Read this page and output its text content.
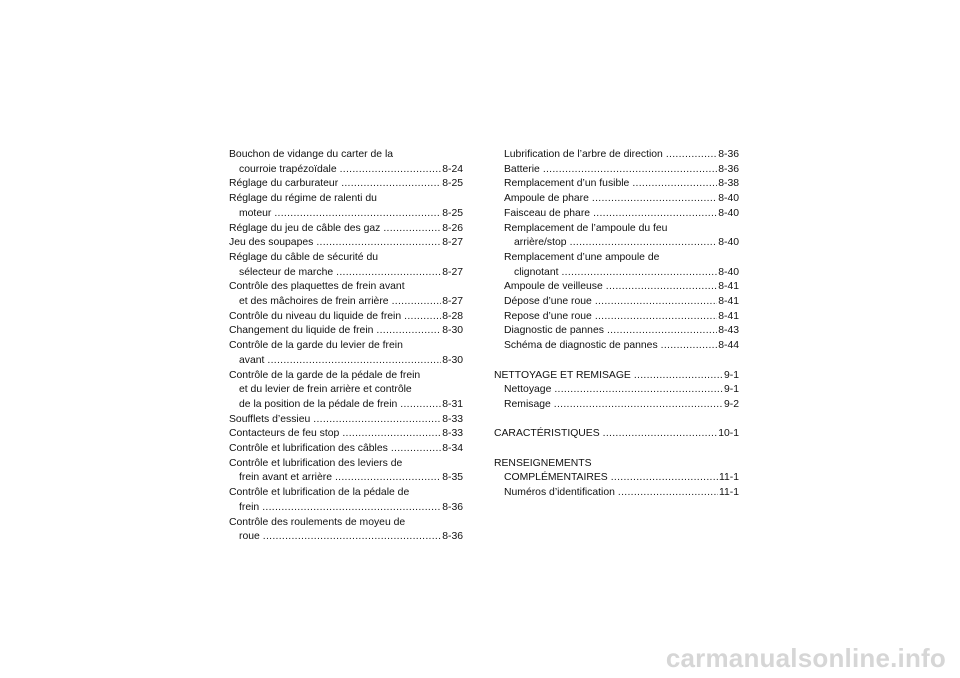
Bouchon de vidange du carter de la
courroie trapézoïdale .....	8-24
Réglage du carburateur .....	8-25
Réglage du régime de ralenti du
moteur .....	8-25
Réglage du jeu de câble des gaz .....	8-26
Jeu des soupapes .....	8-27
Réglage du câble de sécurité du
sélecteur de marche .....	8-27
Contrôle des plaquettes de frein avant
et des mâchoires de frein arrière .....	8-27
Contrôle du niveau du liquide de frein .....	8-28
Changement du liquide de frein .....	8-30
Contrôle de la garde du levier de frein
avant .....	8-30
Contrôle de la garde de la pédale de frein
et du levier de frein arrière et contrôle
de la position de la pédale de frein .....	8-31
Soufflets d’essieu .....	8-33
Contacteurs de feu stop .....	8-33
Contrôle et lubrification des câbles .....	8-34
Contrôle et lubrification des leviers de
frein avant et arrière .....	8-35
Contrôle et lubrification de la pédale de
frein .....	8-36
Contrôle des roulements de moyeu de
roue .....	8-36
Lubrification de l’arbre de direction .....	8-36
Batterie .....	8-36
Remplacement d’un fusible .....	8-38
Ampoule de phare .....	8-40
Faisceau de phare .....	8-40
Remplacement de l’ampoule du feu
arrière/stop .....	8-40
Remplacement d’une ampoule de
clignotant .....	8-40
Ampoule de veilleuse .....	8-41
Dépose d’une roue .....	8-41
Repose d’une roue .....	8-41
Diagnostic de pannes .....	8-43
Schéma de diagnostic de pannes .....	8-44
NETTOYAGE ET REMISAGE .....	9-1
Nettoyage .....	9-1
Remisage .....	9-2
CARACTÉRISTIQUES .....	10-1
RENSEIGNEMENTS
COMPLÉMENTAIRES .....	11-1
Numéros d’identification .....	11-1
carmanualsonline.info
